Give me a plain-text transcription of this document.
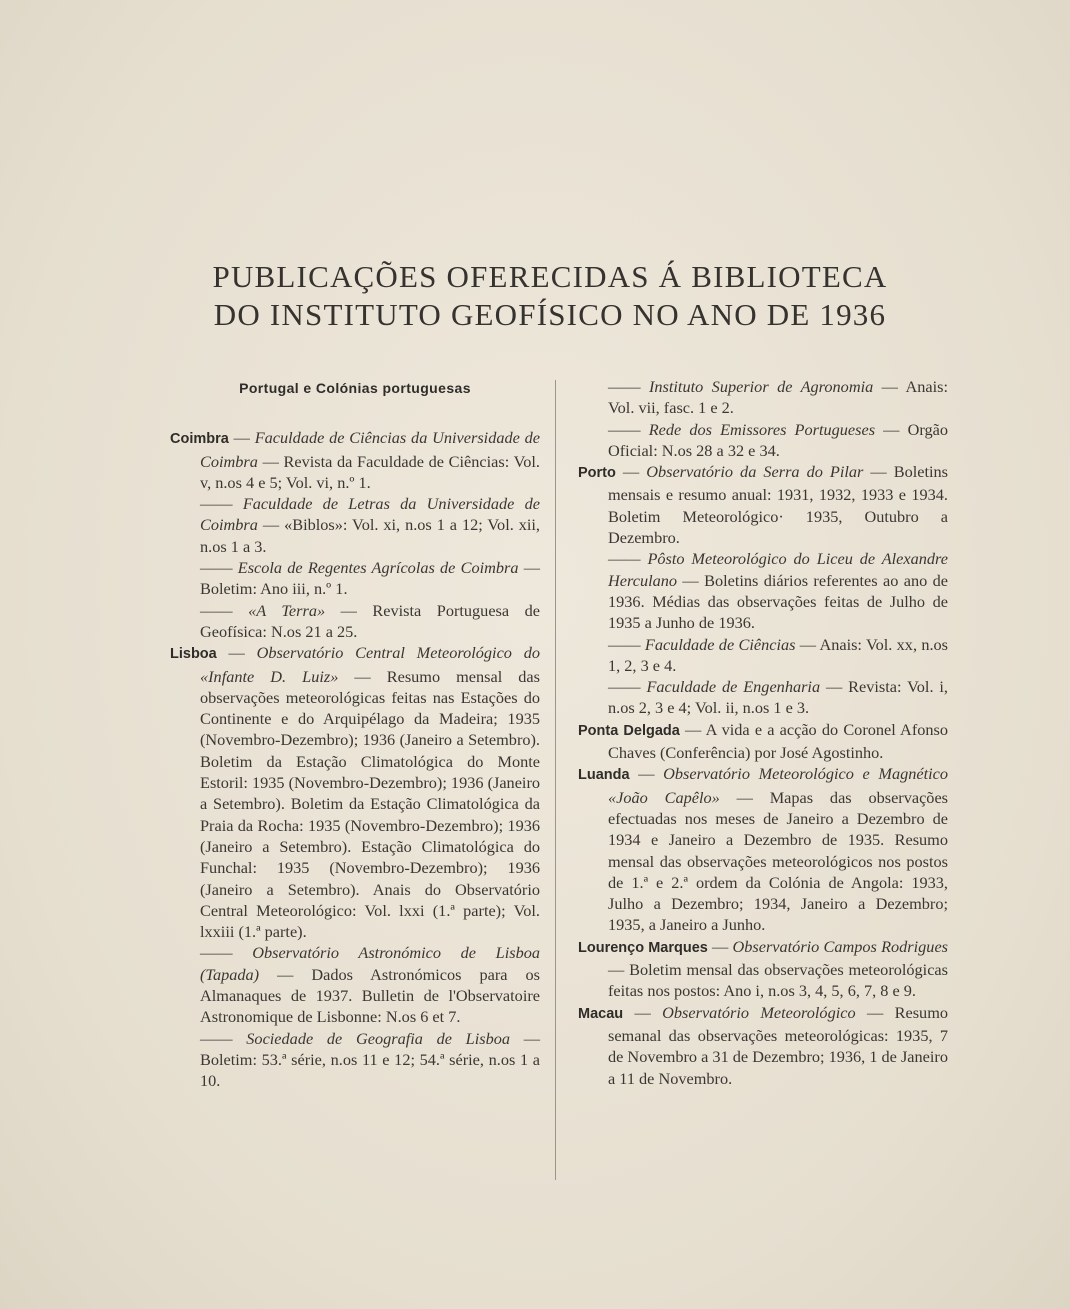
PUBLICAÇÕES OFERECIDAS Á BIBLIOTECA
DO INSTITUTO GEOFÍSICO NO ANO DE 1936
Portugal e Colónias portuguesas

Coimbra — Faculdade de Ciências da Universidade de Coimbra — Revista da Faculdade de Ciências: Vol. v, n.os 4 e 5; Vol. vi, n.º 1.

—— Faculdade de Letras da Universidade de Coimbra — «Biblos»: Vol. xi, n.os 1 a 12; Vol. xii, n.os 1 a 3.

—— Escola de Regentes Agrícolas de Coimbra — Boletim: Ano iii, n.º 1.

—— «A Terra» — Revista Portuguesa de Geofísica: N.os 21 a 25.

Lisboa — Observatório Central Meteorológico do «Infante D. Luiz» — Resumo mensal das observações meteorológicas feitas nas Estações do Continente e do Arquipélago da Madeira; 1935 (Novembro-Dezembro); 1936 (Janeiro a Setembro). Boletim da Estação Climatológica do Monte Estoril: 1935 (Novembro-Dezembro); 1936 (Janeiro a Setembro). Boletim da Estação Climatológica da Praia da Rocha: 1935 (Novembro-Dezembro); 1936 (Janeiro a Setembro). Estação Climatológica do Funchal: 1935 (Novembro-Dezembro); 1936 (Janeiro a Setembro). Anais do Observatório Central Meteorológico: Vol. lxxi (1.ª parte); Vol. lxxiii (1.ª parte).

—— Observatório Astronómico de Lisboa (Tapada) — Dados Astronómicos para os Almanaques de 1937. Bulletin de l'Observatoire Astronomique de Lisbonne: N.os 6 et 7.

—— Sociedade de Geografia de Lisboa — Boletim: 53.ª série, n.os 11 e 12; 54.ª série, n.os 1 a 10.

—— Instituto Superior de Agronomia — Anais: Vol. vii, fasc. 1 e 2.

—— Rede dos Emissores Portugueses — Orgão Oficial: N.os 28 a 32 e 34.

Porto — Observatório da Serra do Pilar — Boletins mensais e resumo anual: 1931, 1932, 1933 e 1934. Boletim Meteorológico· 1935, Outubro a Dezembro.

—— Pôsto Meteorológico do Liceu de Alexandre Herculano — Boletins diários referentes ao ano de 1936. Médias das observações feitas de Julho de 1935 a Junho de 1936.

—— Faculdade de Ciências — Anais: Vol. xx, n.os 1, 2, 3 e 4.

—— Faculdade de Engenharia — Revista: Vol. i, n.os 2, 3 e 4; Vol. ii, n.os 1 e 3.

Ponta Delgada — A vida e a acção do Coronel Afonso Chaves (Conferência) por José Agostinho.

Luanda — Observatório Meteorológico e Magnético «João Capêlo» — Mapas das observações efectuadas nos meses de Janeiro a Dezembro de 1934 e Janeiro a Dezembro de 1935. Resumo mensal das observações meteorológicos nos postos de 1.ª e 2.ª ordem da Colónia de Angola: 1933, Julho a Dezembro; 1934, Janeiro a Dezembro; 1935, a Janeiro a Junho.

Lourenço Marques — Observatório Campos Rodrigues — Boletim mensal das observações meteorológicas feitas nos postos: Ano i, n.os 3, 4, 5, 6, 7, 8 e 9.

Macau — Observatório Meteorológico — Resumo semanal das observações meteorológicas: 1935, 7 de Novembro a 31 de Dezembro; 1936, 1 de Janeiro a 11 de Novembro.
